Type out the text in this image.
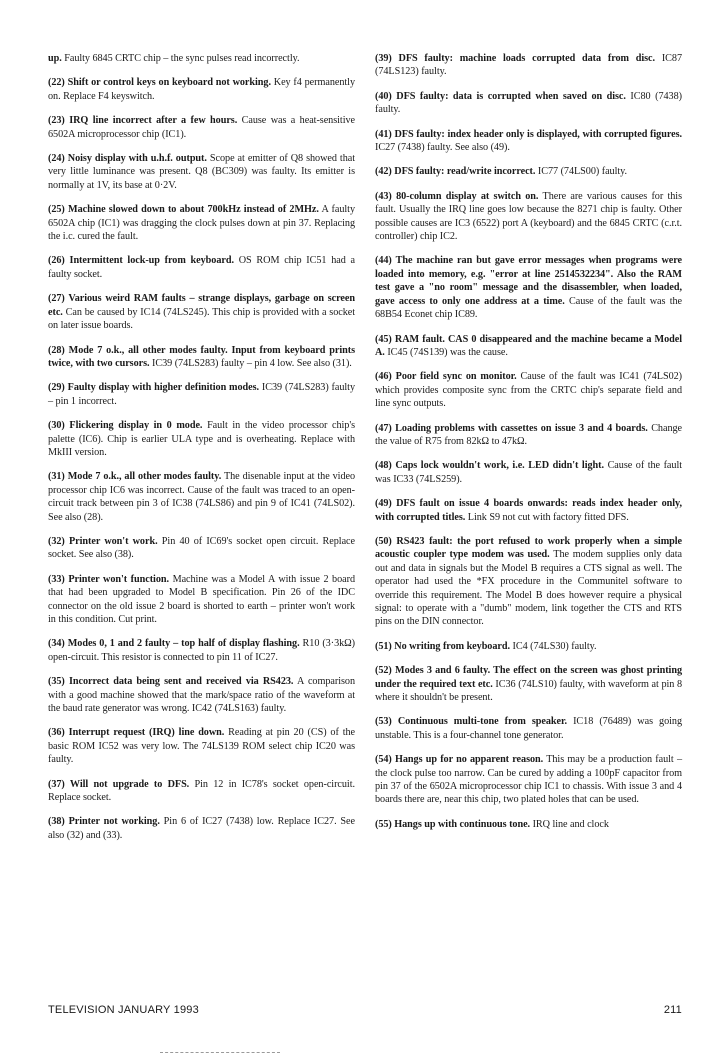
up. Faulty 6845 CRTC chip – the sync pulses read incorrectly.

(22) Shift or control keys on keyboard not working. Key f4 permanently on. Replace F4 keyswitch.

(23) IRQ line incorrect after a few hours. Cause was a heat-sensitive 6502A microprocessor chip (IC1).

(24) Noisy display with u.h.f. output. Scope at emitter of Q8 showed that very little luminance was present. Q8 (BC309) was faulty. Its emitter is normally at 1V, its base at 0·2V.

(25) Machine slowed down to about 700kHz instead of 2MHz. A faulty 6502A chip (IC1) was dragging the clock pulses down at pin 37. Replacing the i.c. cured the fault.

(26) Intermittent lock-up from keyboard. OS ROM chip IC51 had a faulty socket.

(27) Various weird RAM faults – strange displays, garbage on screen etc. Can be caused by IC14 (74LS245). This chip is provided with a socket on later issue boards.

(28) Mode 7 o.k., all other modes faulty. Input from keyboard prints twice, with two cursors. IC39 (74LS283) faulty – pin 4 low. See also (31).

(29) Faulty display with higher definition modes. IC39 (74LS283) faulty – pin 1 incorrect.

(30) Flickering display in 0 mode. Fault in the video processor chip's palette (IC6). Chip is earlier ULA type and is overheating. Replace with MkIII version.

(31) Mode 7 o.k., all other modes faulty. The disenable input at the video processor chip IC6 was incorrect. Cause of the fault was traced to an open-circuit track between pin 3 of IC38 (74LS86) and pin 9 of IC41 (74LS02). See also (28).

(32) Printer won't work. Pin 40 of IC69's socket open circuit. Replace socket. See also (38).

(33) Printer won't function. Machine was a Model A with issue 2 board that had been upgraded to Model B specification. Pin 26 of the IDC connector on the old issue 2 board is shorted to earth – printer won't work in this condition. Cut print.

(34) Modes 0, 1 and 2 faulty – top half of display flashing. R10 (3·3kΩ) open-circuit. This resistor is connected to pin 11 of IC27.

(35) Incorrect data being sent and received via RS423. A comparison with a good machine showed that the mark/space ratio of the waveform at the baud rate generator was wrong. IC42 (74LS163) faulty.

(36) Interrupt request (IRQ) line down. Reading at pin 20 (CS) of the basic ROM IC52 was very low. The 74LS139 ROM select chip IC20 was faulty.

(37) Will not upgrade to DFS. Pin 12 in IC78's socket open-circuit. Replace socket.

(38) Printer not working. Pin 6 of IC27 (7438) low. Replace IC27. See also (32) and (33).

(39) DFS faulty: machine loads corrupted data from disc. IC87 (74LS123) faulty.

(40) DFS faulty: data is corrupted when saved on disc. IC80 (7438) faulty.

(41) DFS faulty: index header only is displayed, with corrupted figures. IC27 (7438) faulty. See also (49).

(42) DFS faulty: read/write incorrect. IC77 (74LS00) faulty.

(43) 80-column display at switch on. There are various causes for this fault. Usually the IRQ line goes low because the 8271 chip is faulty. Other possible causes are IC3 (6522) port A (keyboard) and the 6845 CRTC (c.r.t. controller) chip IC2.

(44) The machine ran but gave error messages when programs were loaded into memory, e.g. "error at line 2514532234". Also the RAM test gave a "no room" message and the disassembler, when loaded, gave access to only one address at a time. Cause of the fault was the 68B54 Econet chip IC89.

(45) RAM fault. CAS 0 disappeared and the machine became a Model A. IC45 (74S139) was the cause.

(46) Poor field sync on monitor. Cause of the fault was IC41 (74LS02) which provides composite sync from the CRTC chip's separate field and line sync outputs.

(47) Loading problems with cassettes on issue 3 and 4 boards. Change the value of R75 from 82kΩ to 47kΩ.

(48) Caps lock wouldn't work, i.e. LED didn't light. Cause of the fault was IC33 (74LS259).

(49) DFS fault on issue 4 boards onwards: reads index header only, with corrupted titles. Link S9 not cut with factory fitted DFS.

(50) RS423 fault: the port refused to work properly when a simple acoustic coupler type modem was used. The modem supplies only data out and data in signals but the Model B requires a CTS signal as well. The operator had used the *FX procedure in the Communitel software to override this requirement. The Model B does however require a physical signal: to operate with a "dumb" modem, link together the CTS and RTS pins on the DIN connector.

(51) No writing from keyboard. IC4 (74LS30) faulty.

(52) Modes 3 and 6 faulty. The effect on the screen was ghost printing under the required text etc. IC36 (74LS10) faulty, with waveform at pin 8 where it shouldn't be present.

(53) Continuous multi-tone from speaker. IC18 (76489) was going unstable. This is a four-channel tone generator.

(54) Hangs up for no apparent reason. This may be a production fault – the clock pulse too narrow. Can be cured by adding a 100pF capacitor from pin 37 of the 6502A microprocessor chip IC1 to chassis. With issue 3 and 4 boards there are, near this chip, two plated holes that can be used.

(55) Hangs up with continuous tone. IRQ line and clock

TELEVISION JANUARY 1993	211
